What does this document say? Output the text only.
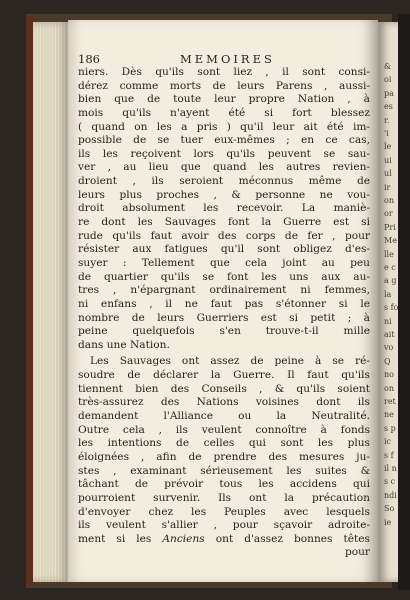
&
oi
pa
es
r.
'i
le
ui
ul
ir
on
or
Pri
Me
lle
e c
a g
la
s fo
ni
ait
vo
Q
no
on
ret
ne
s p
ic
s f
il n
s c
ndi
So
ie
186	MEMOIRES
niers. Dès qu'ils sont liez , il sont consi-
dérez comme morts de leurs Parens , aussi-
bien que de toute leur propre Nation , à
mois qu'ils n'ayent été si fort blessez
( quand on les a pris ) qu'il leur ait été im-
possible de se tuer eux-mêmes ; en ce cas,
ils les reçoivent lors qu'ils peuvent se sau-
ver , au lieu que quand les autres revien-
droient , ils seroient méconnus même de
leurs plus proches , & personne ne vou-
droit absolument les recevoir. La maniè-
re dont les Sauvages font la Guerre est si
rude qu'ils faut avoir des corps de fer , pour
résister aux fatigues qu'il sont obligez d'es-
suyer : Tellement que cela joint au peu
de quartier qu'ils se font les uns aux au-
tres , n'épargnant ordinairement ni femmes,
ni enfans , il ne faut pas s'étonner si le
nombre de leurs Guerriers est si petit ; à
peine quelquefois s'en trouve-t-il mille
dans une Nation.
Les Sauvages ont assez de peine à se ré-
soudre de déclarer la Guerre. Il faut qu'ils
tiennent bien des Conseils , & qu'ils soient
très-assurez des Nations voisines dont ils
demandent l'Alliance ou la Neutralité.
Outre cela , ils veulent connoître à fonds
les intentions de celles qui sont les plus
éloignées , afin de prendre des mesures ju-
stes , examinant sérieusement les suites &
tâchant de prévoir tous les accidens qui
pourroient survenir. Ils ont la précaution
d'envoyer chez les Peuples avec lesquels
ils veulent s'allier , pour sçavoir adroite-
ment si les Anciens ont d'assez bonnes têtes
pour
